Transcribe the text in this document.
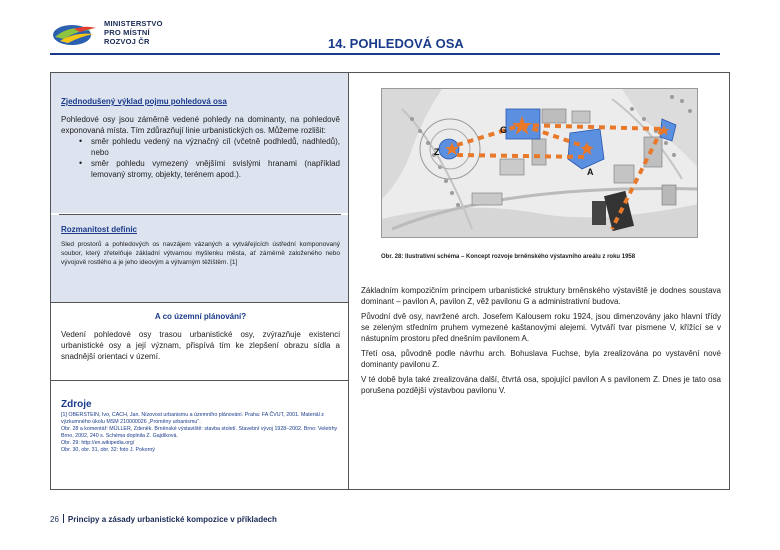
MINISTERSTVO
PRO MÍSTNÍ
ROZVOJ ČR	14. POHLEDOVÁ OSA
Zjednodušený výklad pojmu pohledová osa

Pohledové osy jsou záměrně vedené pohledy na dominanty, na pohledově exponovaná místa. Tím zdůrazňují linie urbanistických os. Můžeme rozlišit:

• směr pohledu vedený na význačný cíl (včetně podhledů, nadhledů), nebo
• směr pohledu vymezený vnějšími svislými hranami (například lemovaný stromy, objekty, terénem apod.).
Rozmanitost definic

Sled prostorů a pohledových os navzájem vázaných a vytvářejících ústřední komponovaný soubor, který zřetelňuje základní výtvarnou myšlenku města, ať záměrně založeného nebo vývojově rostlého a je jeho ideovým a výtvarným těžištěm. [1]

A co územní plánování?

Vedení pohledové osy trasou urbanistické osy, zvýrazňuje existenci urbanistické osy a její význam, přispívá tím ke zlepšení obrazu sídla a snadnější orientaci v území.

Zdroje
[1] OBERSTEIN, Ivo, CACH, Jan. Nízovost urbanismu a územního plánování. Praha: FA ČVUT, 2001. Materiál z výzkumného úkolu MSM 210000026 „Proměny urbanismu".
Obr. 28 a komentář: MÜLLER, Zdeněk. Brněnské výstaviště: stavba století. Stavební vývoj 1928–2002. Brno: Veletrhy Brno, 2002, 240 s. Schéma doplnila Z. Gajdíková.
Obr. 29: http://en.wikipedia.org/
Obr. 30, obr. 31, obr. 32: foto J. Pokorný
G
Z
A
Obr. 28: Ilustrativní schéma – Koncept rozvoje brněnského výstavního areálu z roku 1958

Základním kompozičním principem urbanistické struktury brněnského výstaviště je dodnes soustava dominant – pavilon A, pavilon Z, věž pavilonu G a administrativní budova.

Původní dvě osy, navržené arch. Josefem Kalousem roku 1924, jsou dimenzovány jako hlavní třídy se zeleným středním pruhem vymezené kaštanovými alejemi. Vytváří tvar písmene V, křížící se v nástupním prostoru před dnešním pavilonem A.

Třetí osa, původně podle návrhu arch. Bohuslava Fuchse, byla zrealizována po vystavění nové dominanty pavilonu Z.

V té době byla také zrealizována další, čtvrtá osa, spojující pavilon A s pavilonem Z. Dnes je tato osa porušena pozdější výstavbou pavilonu V.

26 Principy a zásady urbanistické kompozice v příkladech
